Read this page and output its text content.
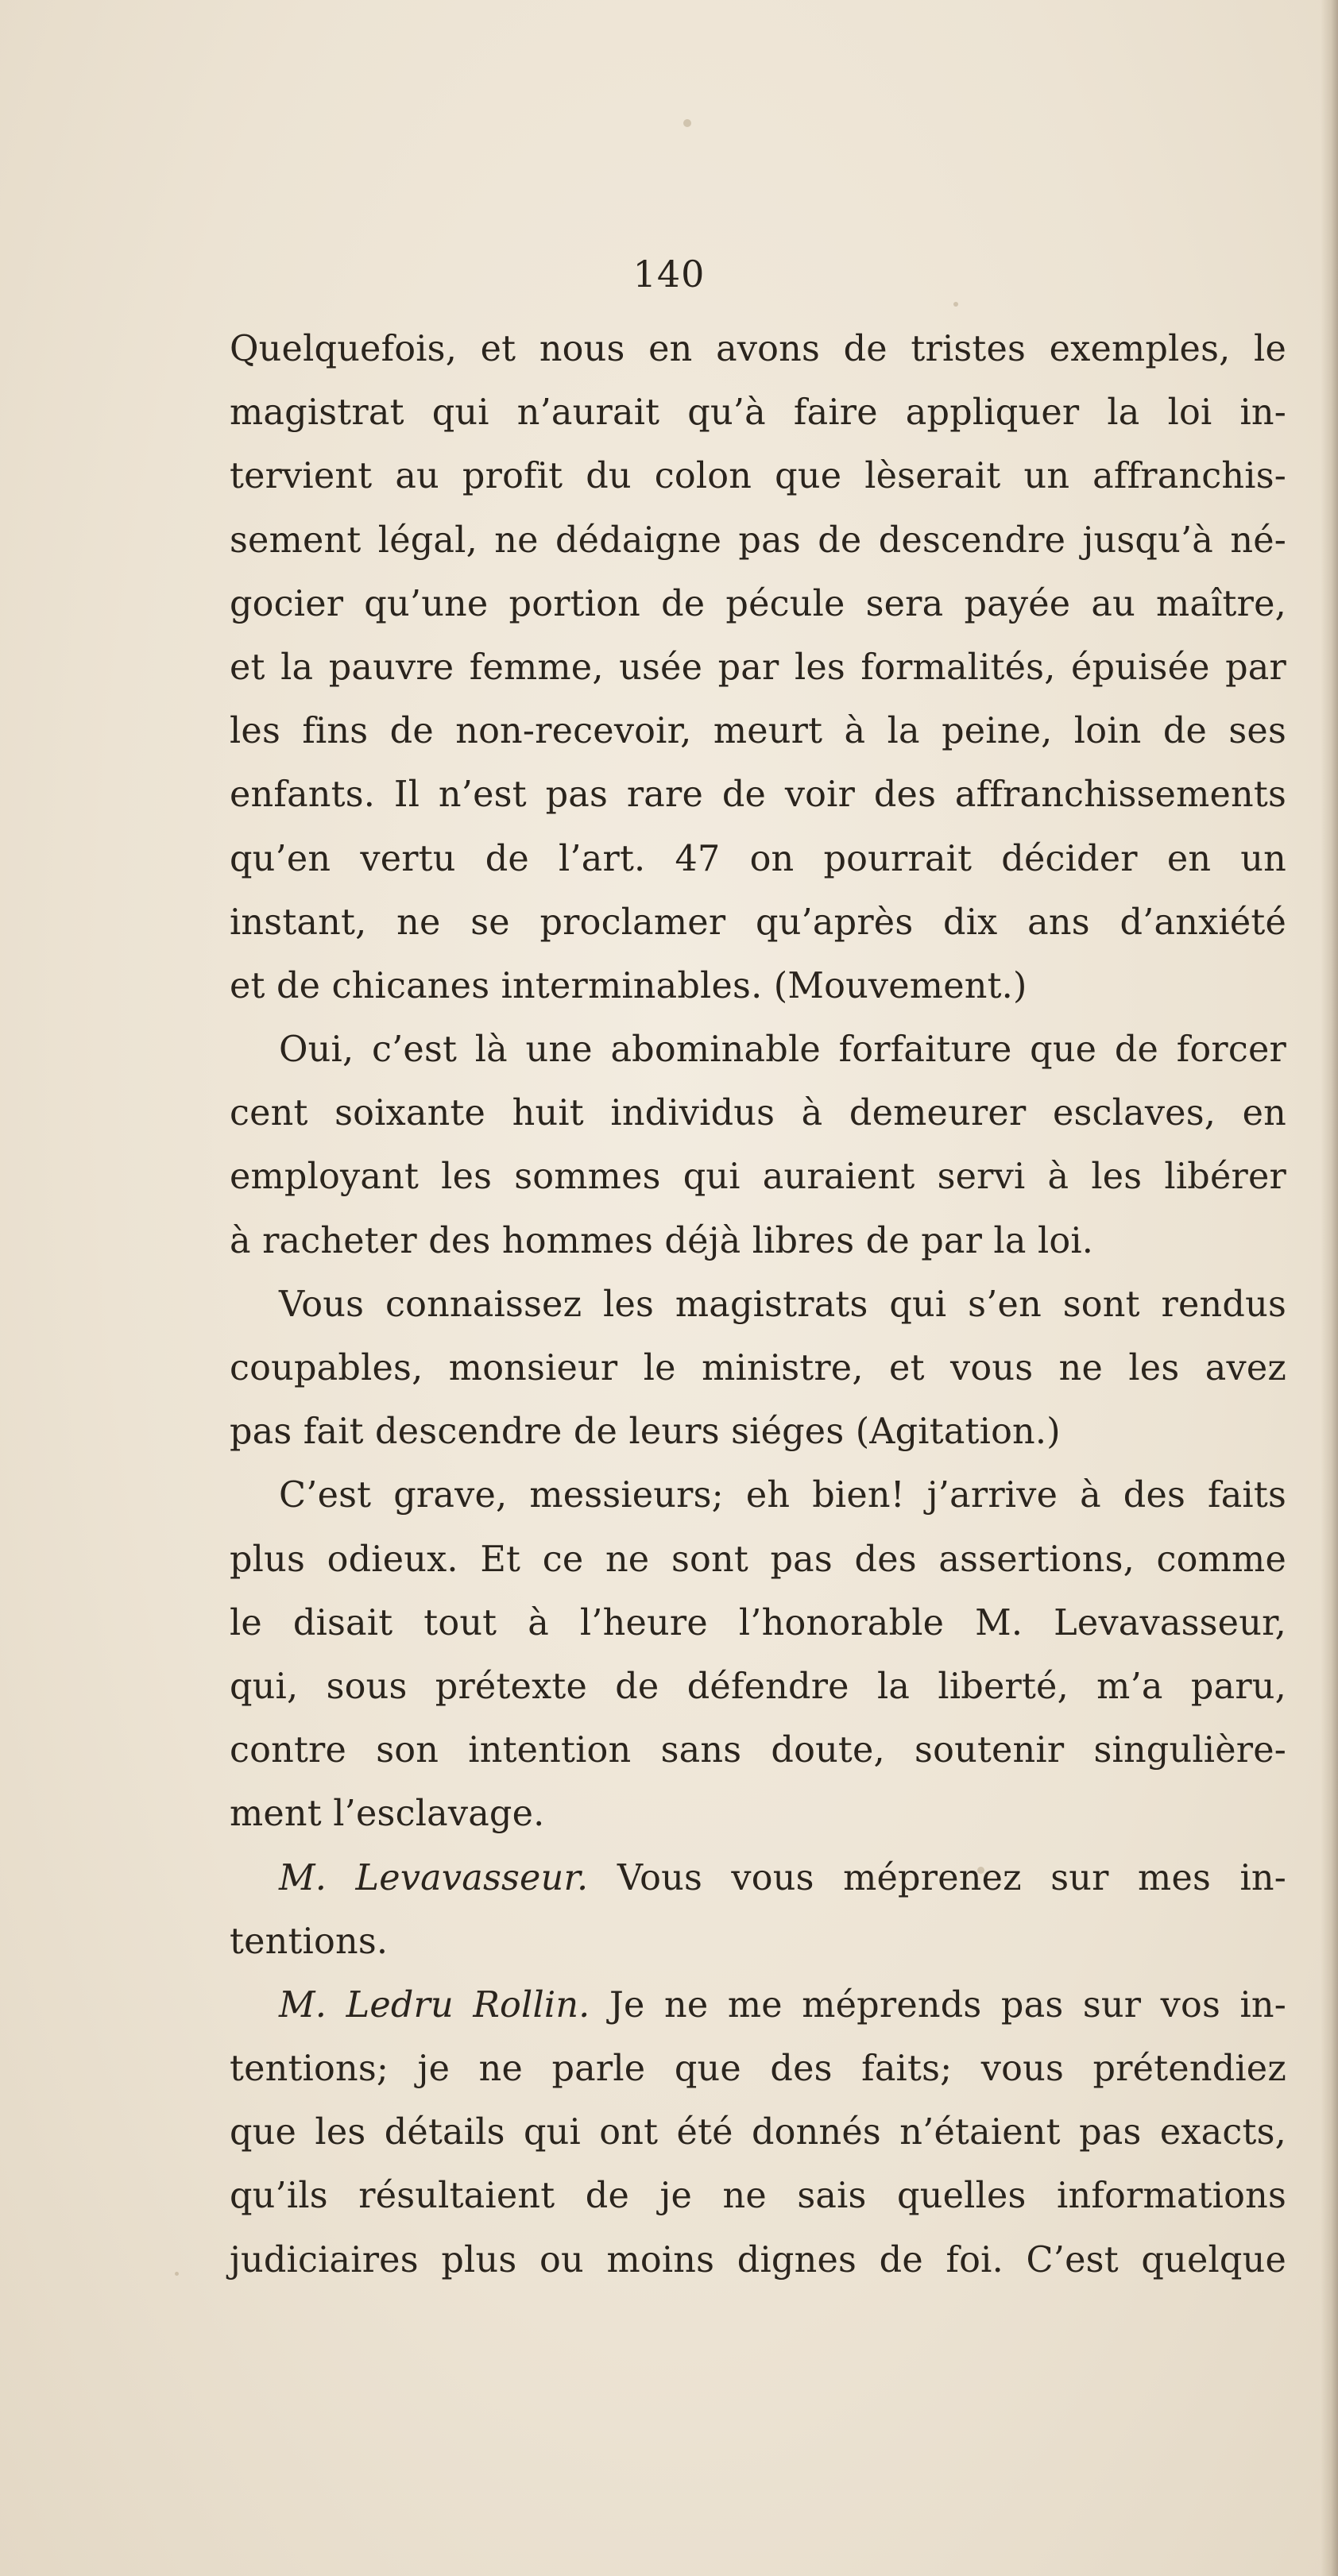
140
Quelquefois, et nous en avons de tristes exemples, le
magistrat qui n’aurait qu’à faire appliquer la loi in-
tervient au profit du colon que lèserait un affranchis-
sement légal, ne dédaigne pas de descendre jusqu’à né-
gocier qu’une portion de pécule sera payée au maître,
et la pauvre femme, usée par les formalités, épuisée par
les fins de non-recevoir, meurt à la peine, loin de ses
enfants. Il n’est pas rare de voir des affranchissements
qu’en vertu de l’art. 47 on pourrait décider en un
instant, ne se proclamer qu’après dix ans d’anxiété
et de chicanes interminables. (Mouvement.)
Oui, c’est là une abominable forfaiture que de forcer
cent soixante huit individus à demeurer esclaves, en
employant les sommes qui auraient servi à les libérer
à racheter des hommes déjà libres de par la loi.
Vous connaissez les magistrats qui s’en sont rendus
coupables, monsieur le ministre, et vous ne les avez
pas fait descendre de leurs siéges (Agitation.)
C’est grave, messieurs; eh bien! j’arrive à des faits
plus odieux. Et ce ne sont pas des assertions, comme
le disait tout à l’heure l’honorable M. Levavasseur,
qui, sous prétexte de défendre la liberté, m’a paru,
contre son intention sans doute, soutenir singulière-
ment l’esclavage.
M. Levavasseur. Vous vous méprenez sur mes in-
tentions.
M. Ledru Rollin. Je ne me méprends pas sur vos in-
tentions; je ne parle que des faits; vous prétendiez
que les détails qui ont été donnés n’étaient pas exacts,
qu’ils résultaient de je ne sais quelles informations
judiciaires plus ou moins dignes de foi. C’est quelque
